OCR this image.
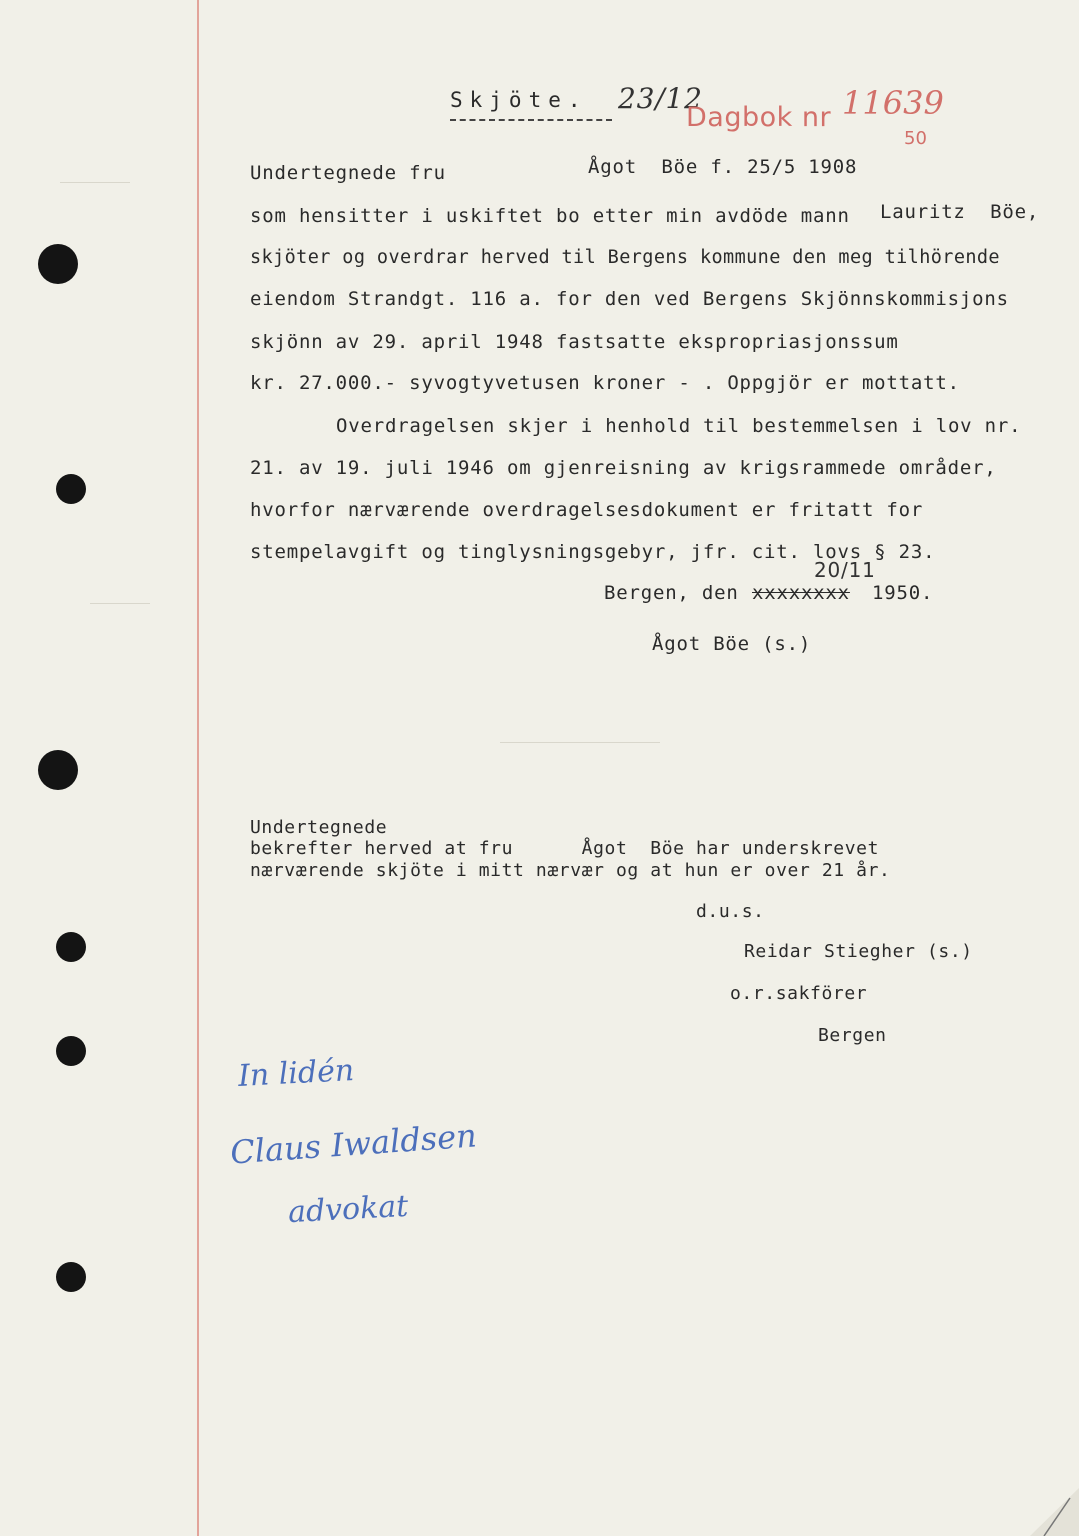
Skjöte. 23/12
Dagbok nr 11639
50
Undertegnede fru	Ågot  Böe f. 25/5 1908
som hensitter i uskiftet bo etter min avdöde mann Lauritz  Böe,
skjöter og overdrar herved til Bergens kommune den meg tilhörende
eiendom Strandgt. 116 a. for den ved Bergens Skjönnskommisjons
skjönn av 29. april 1948 fastsatte ekspropriasjonssum
kr. 27.000.- syvogtyvetusen kroner - . Oppgjör er mottatt.
Overdragelsen skjer i henhold til bestemmelsen i lov nr.
21. av 19. juli 1946 om gjenreisning av krigsrammede områder,
hvorfor nærværende overdragelsesdokument er fritatt for
stempelavgift og tinglysningsgebyr, jfr. cit. lovs § 23.
20/11
Bergen, den xxxxxxxx 1950.
Ågot Böe (s.)
Undertegnede
bekrefter herved at fru      Ågot  Böe har underskrevet
nærværende skjöte i mitt nærvær og at hun er over 21 år.
d.u.s.
Reidar Stiegher (s.)
o.r.sakförer
Bergen
In lidén
Claus Iwaldsen
advokat
